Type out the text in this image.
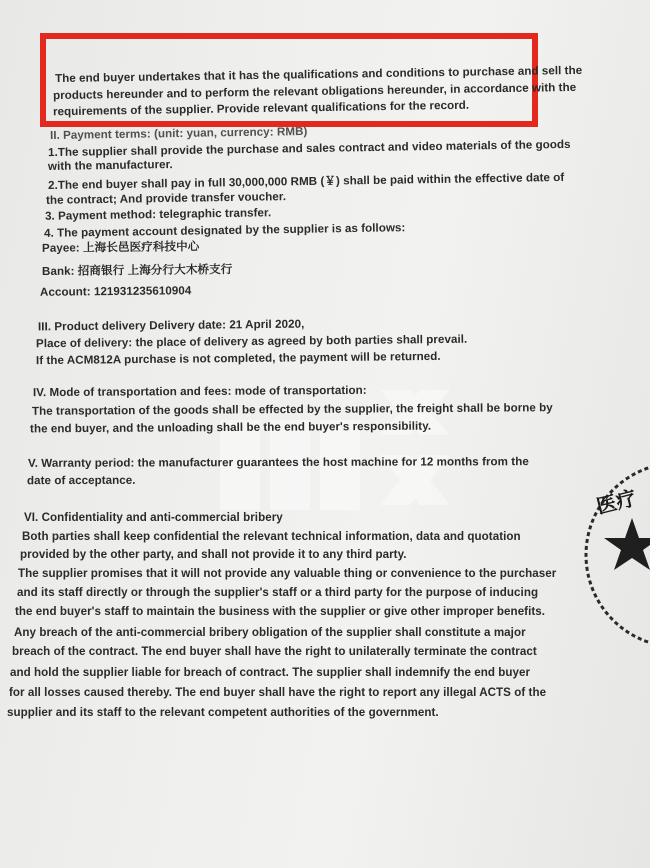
医疗
The end buyer undertakes that it has the qualifications and conditions to purchase and sell the
products hereunder and to perform the relevant obligations hereunder, in accordance with the
requirements of the supplier. Provide relevant qualifications for the record.
II. Payment terms: (unit: yuan, currency: RMB)
1.The supplier shall provide the purchase and sales contract and video materials of the goods
with the manufacturer.
2.The end buyer shall pay in full 30,000,000 RMB (￥) shall be paid within the effective date of
the contract; And provide transfer voucher.
3. Payment method: telegraphic transfer.
4. The payment account designated by the supplier is as follows:
Payee: 上海长邑医疗科技中心
Bank: 招商银行 上海分行大木桥支行
Account: 121931235610904
III. Product delivery Delivery date: 21 April 2020,
Place of delivery: the place of delivery as agreed by both parties shall prevail.
If the ACM812A purchase is not completed, the payment will be returned.
IV. Mode of transportation and fees: mode of transportation:
The transportation of the goods shall be effected by the supplier, the freight shall be borne by
the end buyer, and the unloading shall be the end buyer's responsibility.
V. Warranty period: the manufacturer guarantees the host machine for 12 months from the
date of acceptance.
VI. Confidentiality and anti-commercial bribery
Both parties shall keep confidential the relevant technical information, data and quotation
provided by the other party, and shall not provide it to any third party.
The supplier promises that it will not provide any valuable thing or convenience to the purchaser
and its staff directly or through the supplier's staff or a third party for the purpose of inducing
the end buyer's staff to maintain the business with the supplier or give other improper benefits.
Any breach of the anti-commercial bribery obligation of the supplier shall constitute a major
breach of the contract. The end buyer shall have the right to unilaterally terminate the contract
and hold the supplier liable for breach of contract. The supplier shall indemnify the end buyer
for all losses caused thereby. The end buyer shall have the right to report any illegal ACTS of the
supplier and its staff to the relevant competent authorities of the government.
